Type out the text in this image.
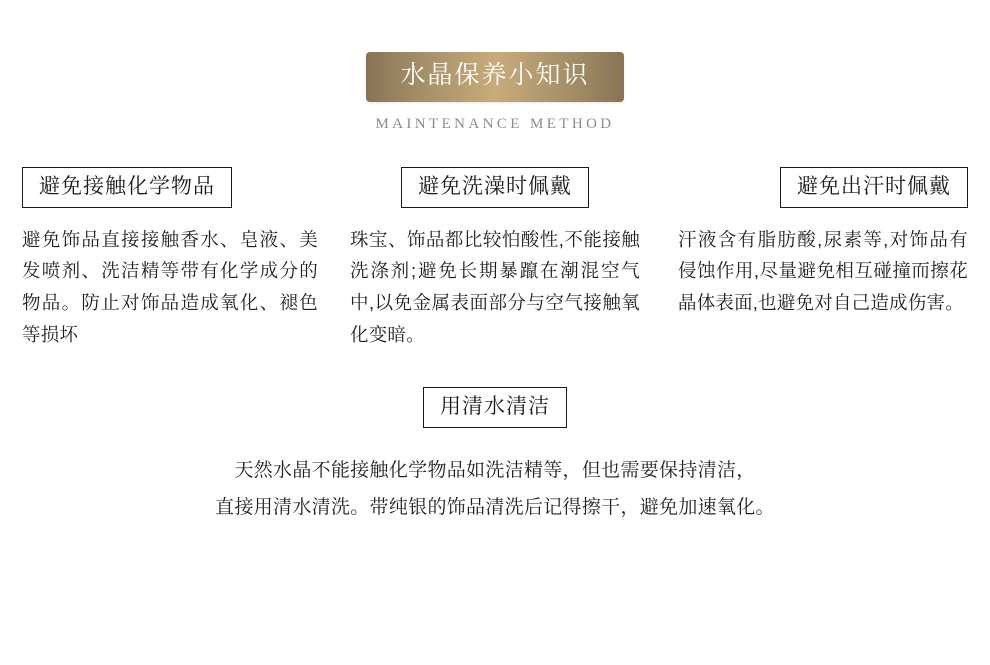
水晶保养小知识
MAINTENANCE METHOD
避免接触化学物品
避免饰品直接接触香水、皂液、美发喷剂、洗洁精等带有化学成分的物品。防止对饰品造成氧化、褪色等损坏
避免洗澡时佩戴
珠宝、饰品都比较怕酸性,不能接触洗涤剂;避免长期暴躥在潮混空气中,以免金属表面部分与空气接触氧化变暗。
避免出汗时佩戴
汗液含有脂肪酸,尿素等,对饰品有侵蚀作用,尽量避免相互碰撞而擦花晶体表面,也避免对自己造成伤害。
用清水清洁
天然水晶不能接触化学物品如洗洁精等，但也需要保持清洁，
直接用清水清洗。带纯银的饰品清洗后记得擦干，避免加速氧化。
